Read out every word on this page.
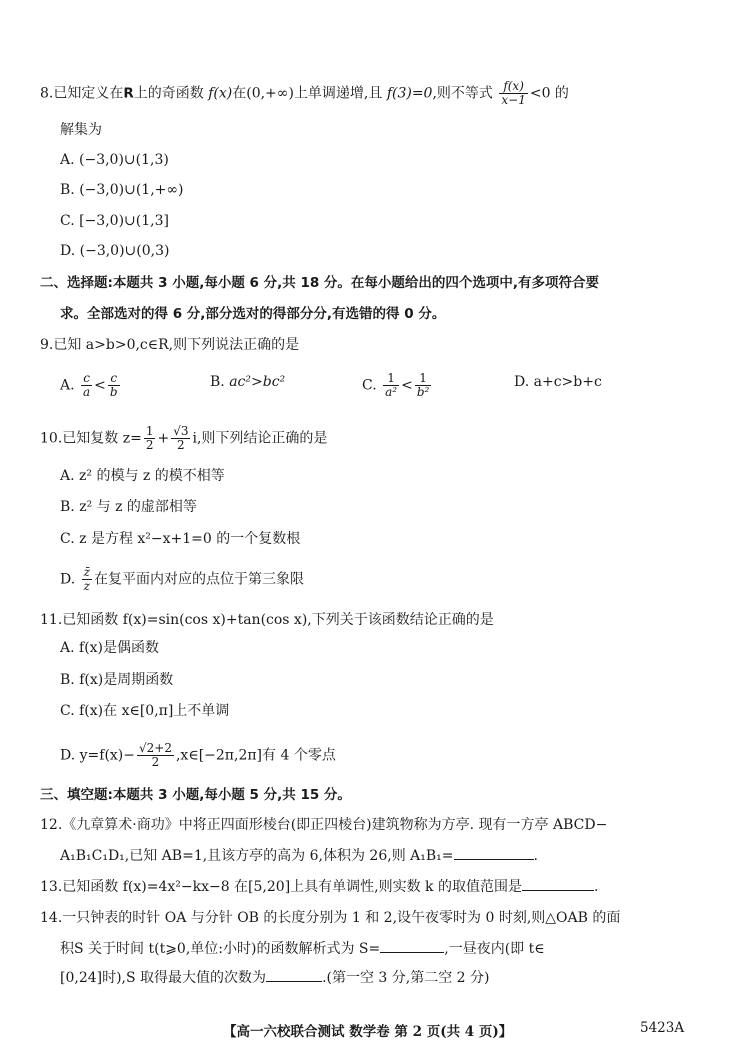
8.已知定义在R上的奇函数 f(x)在(0,+∞)上单调递增,且 f(3)=0,则不等式 $\frac{f(x)}{x-1} <0$ 的
解集为
A. (−3,0)∪(1,3)
B. (−3,0)∪(1,+∞)
C. [−3,0)∪(1,3]
D. (−3,0)∪(0,3)
二、选择题:本题共 3 小题,每小题 6 分,共 18 分。在每小题给出的四个选项中,有多项符合要
求。全部选对的得 6 分,部分选对的得部分分,有选错的得 0 分。
9.已知 a>b>0,c∈R,则下列说法正确的是
A. $\frac{c}{a} < \frac{c}{b}$	B. ac²>bc²	C. $\frac{1}{\text{a²}} < \frac{1}{\text{b²}}$	D. a+c>b+c
10.已知复数 $z= \frac{1}{2} + \frac{√3}{2} i$,则下列结论正确的是
A. z² 的模与 z 的模不相等
B. z² 与 z 的虚部相等
C. z 是方程 x²−x+1=0 的一个复数根
D. $\frac{z̄}{z}$ 在复平面内对应的点位于第三象限
11.已知函数 f(x)=sin(cos x)+tan(cos x),下列关于该函数结论正确的是
A. f(x)是偶函数
B. f(x)是周期函数
C. f(x)在 x∈[0,π]上不单调
D. $y=f(x)- \frac{√2+2}{2}$ ,x∈[−2π,2π]有 4 个零点
三、填空题:本题共 3 小题,每小题 5 分,共 15 分。
12.《九章算术·商功》中将正四面形棱台(即正四棱台)建筑物称为方亭. 现有一方亭 ABCD−
A₁B₁C₁D₁,已知 AB=1,且该方亭的高为 6,体积为 26,则 A₁B₁=	.
13.已知函数 f(x)=4x²−kx−8 在[5,20]上具有单调性,则实数 k 的取值范围是	.
14.一只钟表的时针 OA 与分针 OB 的长度分别为 1 和 2,设午夜零时为 0 时刻,则△OAB 的面
积S 关于时间 t(t⩾0,单位:小时)的函数解析式为 S=	,一昼夜内(即 t∈
[0,24]时),S 取得最大值的次数为	.(第一空 3 分,第二空 2 分)
【高一六校联合测试 数学卷 第 2 页(共 4 页)】	5423A
